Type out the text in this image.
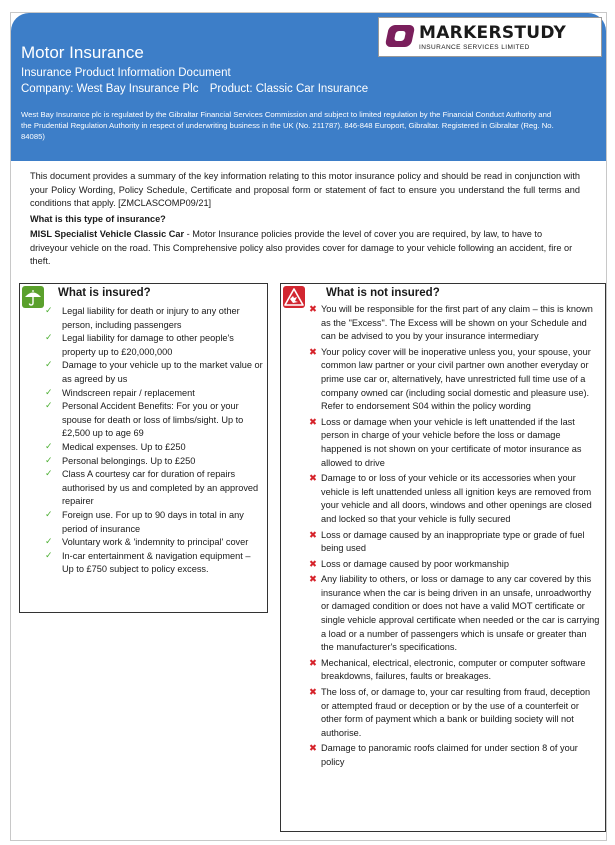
Motor Insurance
Insurance Product Information Document
Company: West Bay Insurance Plc Product: Classic Car Insurance
West Bay Insurance plc is regulated by the Gibraltar Financial Services Commission and subject to limited regulation by the Financial Conduct Authority and the Prudential Regulation Authority in respect of underwriting business in the UK (No. 211787). 846-848 Europort, Gibraltar. Registered in Gibraltar (Reg. No. 84085)
MARKERSTUDY
INSURANCE SERVICES LIMITED

This document provides a summary of the key information relating to this motor insurance policy and should be read in conjunction with your Policy Wording, Policy Schedule, Certificate and proposal form or statement of fact to ensure you understand the full terms and conditions that apply. [ZMCLASCOMP09/21]

What is this type of insurance?

MISL Specialist Vehicle Classic Car - Motor Insurance policies provide the level of cover you are required, by law, to have to driveyour vehicle on the road. This Comprehensive policy also provides cover for damage to your vehicle following an accident, fire or theft.

What is insured?
✓ Legal liability for death or injury to any other person, including passengers
✓ Legal liability for damage to other people's property up to £20,000,000
✓ Damage to your vehicle up to the market value or as agreed by us
✓ Windscreen repair / replacement
✓ Personal Accident Benefits: For you or your spouse for death or loss of limbs/sight. Up to £2,500 up to age 69
✓ Medical expenses. Up to £250
✓ Personal belongings. Up to £250
✓ Class A courtesy car for duration of repairs authorised by us and completed by an approved repairer
✓ Foreign use. For up to 90 days in total in any period of insurance
✓ Voluntary work & 'indemnity to principal' cover
✓ In-car entertainment & navigation equipment – Up to £750 subject to policy excess.
What is not insured?
✖ You will be responsible for the first part of any claim – this is known as the "Excess". The Excess will be shown on your Schedule and can be advised to you by your insurance intermediary
✖ Your policy cover will be inoperative unless you, your spouse, your common law partner or your civil partner own another everyday or prime use car or, alternatively, have unrestricted full time use of a company owned car (including social domestic and pleasure use). Refer to endorsement S04 within the policy wording
✖ Loss or damage when your vehicle is left unattended if the last person in charge of your vehicle before the loss or damage happened is not shown on your certificate of motor insurance as allowed to drive
✖ Damage to or loss of your vehicle or its accessories when your vehicle is left unattended unless all ignition keys are removed from your vehicle and all doors, windows and other openings are closed and locked so that your vehicle is fully secured
✖ Loss or damage caused by an inappropriate type or grade of fuel being used
✖ Loss or damage caused by poor workmanship
✖ Any liability to others, or loss or damage to any car covered by this insurance when the car is being driven in an unsafe, unroadworthy or damaged condition or does not have a valid MOT certificate or single vehicle approval certificate when needed or the car is carrying a load or a number of passengers which is unsafe or greater than the manufacturer's specifications.
✖ Mechanical, electrical, electronic, computer or computer software breakdowns, failures, faults or breakages.
✖ The loss of, or damage to, your car resulting from fraud, deception or attempted fraud or deception or by the use of a counterfeit or other form of payment which a bank or building society will not authorise.
✖ Damage to panoramic roofs claimed for under section 8 of your policy
